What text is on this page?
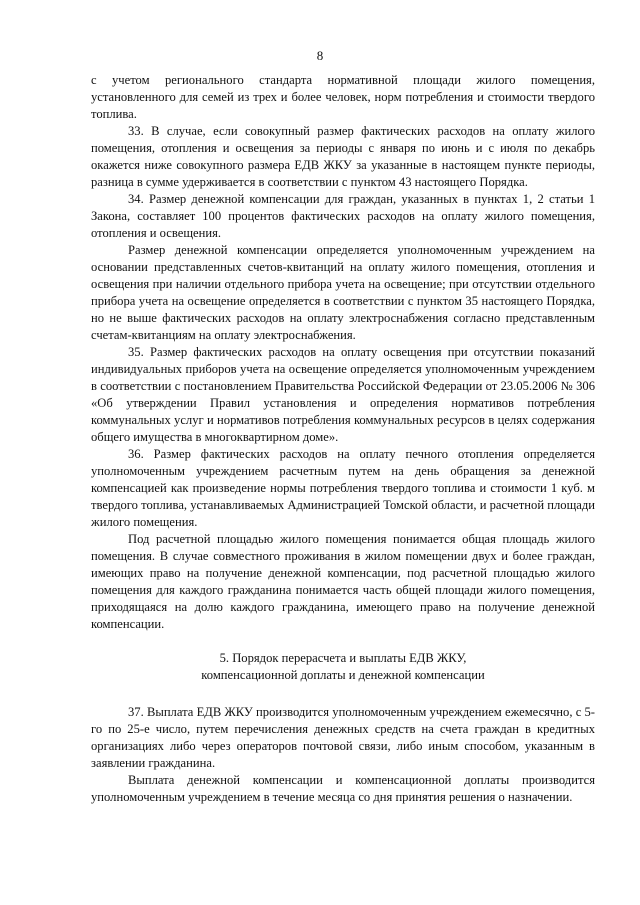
8

с учетом регионального стандарта нормативной площади жилого помещения, установленного для семей из трех и более человек, норм потребления и стоимости твердого топлива.

33. В случае, если совокупный размер фактических расходов на оплату жилого помещения, отопления и освещения за периоды с января по июнь и с июля по декабрь окажется ниже совокупного размера ЕДВ ЖКУ за указанные в настоящем пункте периоды, разница в сумме удерживается в соответствии с пунктом 43 настоящего Порядка.

34. Размер денежной компенсации для граждан, указанных в пунктах 1, 2 статьи 1 Закона, составляет 100 процентов фактических расходов на оплату жилого помещения, отопления и освещения.

Размер денежной компенсации определяется уполномоченным учреждением на основании представленных счетов-квитанций на оплату жилого помещения, отопления и освещения при наличии отдельного прибора учета на освещение; при отсутствии отдельного прибора учета на освещение определяется в соответствии с пунктом 35 настоящего Порядка, но не выше фактических расходов на оплату электроснабжения согласно представленным счетам-квитанциям на оплату электроснабжения.

35. Размер фактических расходов на оплату освещения при отсутствии показаний индивидуальных приборов учета на освещение определяется уполномоченным учреждением в соответствии с постановлением Правительства Российской Федерации от 23.05.2006 № 306 «Об утверждении Правил установления и определения нормативов потребления коммунальных услуг и нормативов потребления коммунальных ресурсов в целях содержания общего имущества в многоквартирном доме».

36. Размер фактических расходов на оплату печного отопления определяется уполномоченным учреждением расчетным путем на день обращения за денежной компенсацией как произведение нормы потребления твердого топлива и стоимости 1 куб. м твердого топлива, устанавливаемых Администрацией Томской области, и расчетной площади жилого помещения.

Под расчетной площадью жилого помещения понимается общая площадь жилого помещения. В случае совместного проживания в жилом помещении двух и более граждан, имеющих право на получение денежной компенсации, под расчетной площадью жилого помещения для каждого гражданина понимается часть общей площади жилого помещения, приходящаяся на долю каждого гражданина, имеющего право на получение денежной компенсации.

5. Порядок перерасчета и выплаты ЕДВ ЖКУ,
компенсационной доплаты и денежной компенсации

37. Выплата ЕДВ ЖКУ производится уполномоченным учреждением ежемесячно, с 5-го по 25-е число, путем перечисления денежных средств на счета граждан в кредитных организациях либо через операторов почтовой связи, либо иным способом, указанным в заявлении гражданина.

Выплата денежной компенсации и компенсационной доплаты производится уполномоченным учреждением в течение месяца со дня принятия решения о назначении.
